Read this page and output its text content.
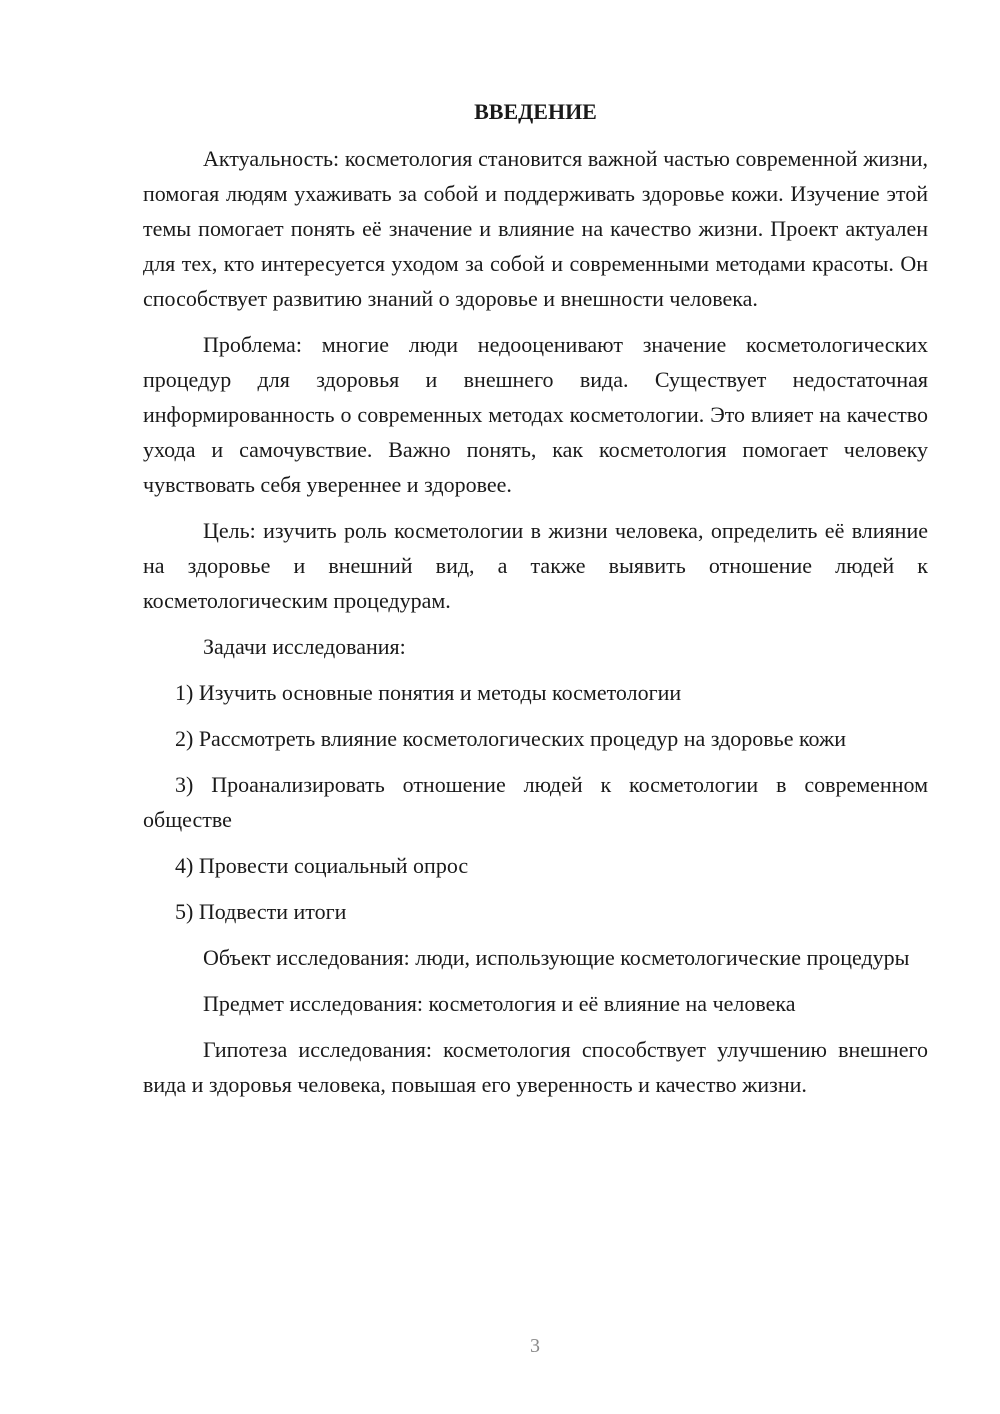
ВВЕДЕНИЕ
Актуальность: косметология становится важной частью современной жизни, помогая людям ухаживать за собой и поддерживать здоровье кожи. Изучение этой темы помогает понять её значение и влияние на качество жизни. Проект актуален для тех, кто интересуется уходом за собой и современными методами красоты. Он способствует развитию знаний о здоровье и внешности человека.
Проблема: многие люди недооценивают значение косметологических процедур для здоровья и внешнего вида. Существует недостаточная информированность о современных методах косметологии. Это влияет на качество ухода и самочувствие. Важно понять, как косметология помогает человеку чувствовать себя увереннее и здоровее.
Цель: изучить роль косметологии в жизни человека, определить её влияние на здоровье и внешний вид, а также выявить отношение людей к косметологическим процедурам.
Задачи исследования:
1) Изучить основные понятия и методы косметологии
2) Рассмотреть влияние косметологических процедур на здоровье кожи
3) Проанализировать отношение людей к косметологии в современном обществе
4) Провести социальный опрос
5) Подвести итоги
Объект исследования: люди, использующие косметологические процедуры
Предмет исследования: косметология и её влияние на человека
Гипотеза исследования: косметология способствует улучшению внешнего вида и здоровья человека, повышая его уверенность и качество жизни.
3
